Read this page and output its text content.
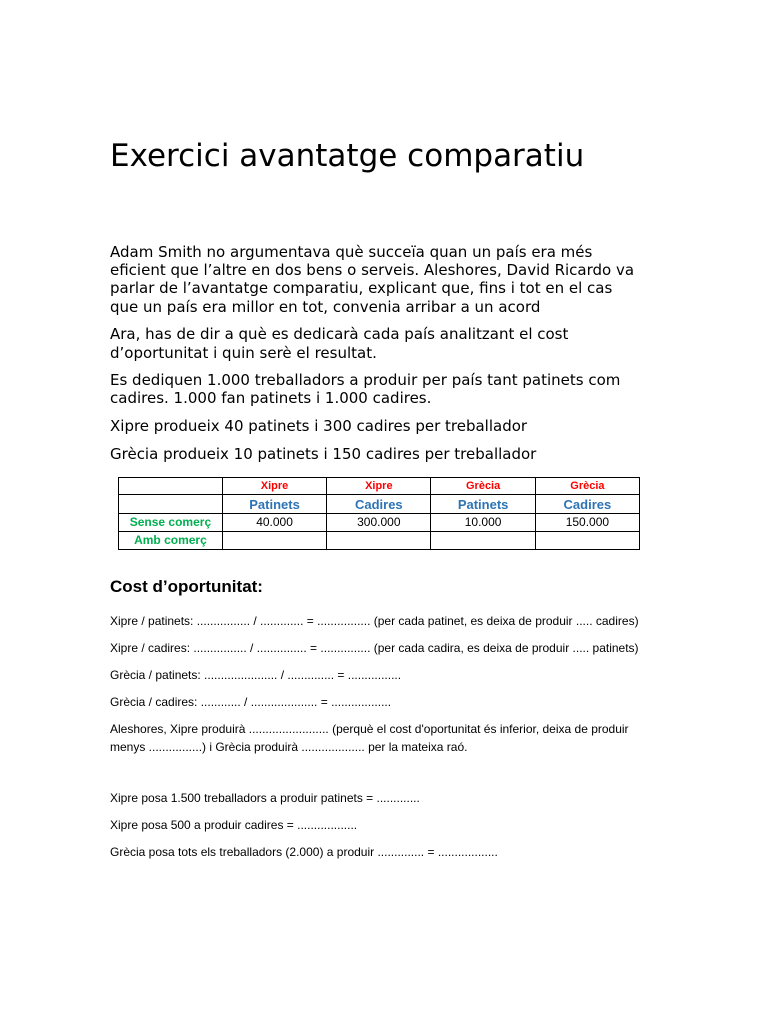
Exercici avantatge comparatiu

Adam Smith no argumentava què succeïa quan un país era més eficient que l’altre en dos bens o serveis. Aleshores, David Ricardo va parlar de l’avantatge comparatiu, explicant que, fins i tot en el cas que un país era millor en tot, convenia arribar a un acord

Ara, has de dir a què es dedicarà cada país analitzant el cost d’oportunitat i quin serè el resultat.

Es dediquen 1.000 treballadors a produir per país tant patinets com cadires. 1.000 fan patinets i 1.000 cadires.

Xipre produeix 40 patinets i 300 cadires per treballador

Grècia produeix 10 patinets i 150 cadires per treballador

	Xipre	Xipre	Grècia	Grècia
	Patinets	Cadires	Patinets	Cadires
Sense comerç	40.000	300.000	10.000	150.000
Amb comerç				
Cost d’oportunitat:

Xipre / patinets: ................ / ............. = ................ (per cada patinet, es deixa de produir ..... cadires)

Xipre / cadires: ................ / ............... = ............... (per cada cadira, es deixa de produir ..... patinets)

Grècia / patinets: ...................... / .............. = ................

Grècia / cadires: ............ / .................... = ..................

Aleshores, Xipre produirà ........................ (perquè el cost d'oportunitat és inferior, deixa de produir menys ................) i Grècia produirà ................... per la mateixa raó.

Xipre posa 1.500 treballadors a produir patinets = .............

Xipre posa 500 a produir cadires = ..................

Grècia posa tots els treballadors (2.000) a produir .............. = ..................
